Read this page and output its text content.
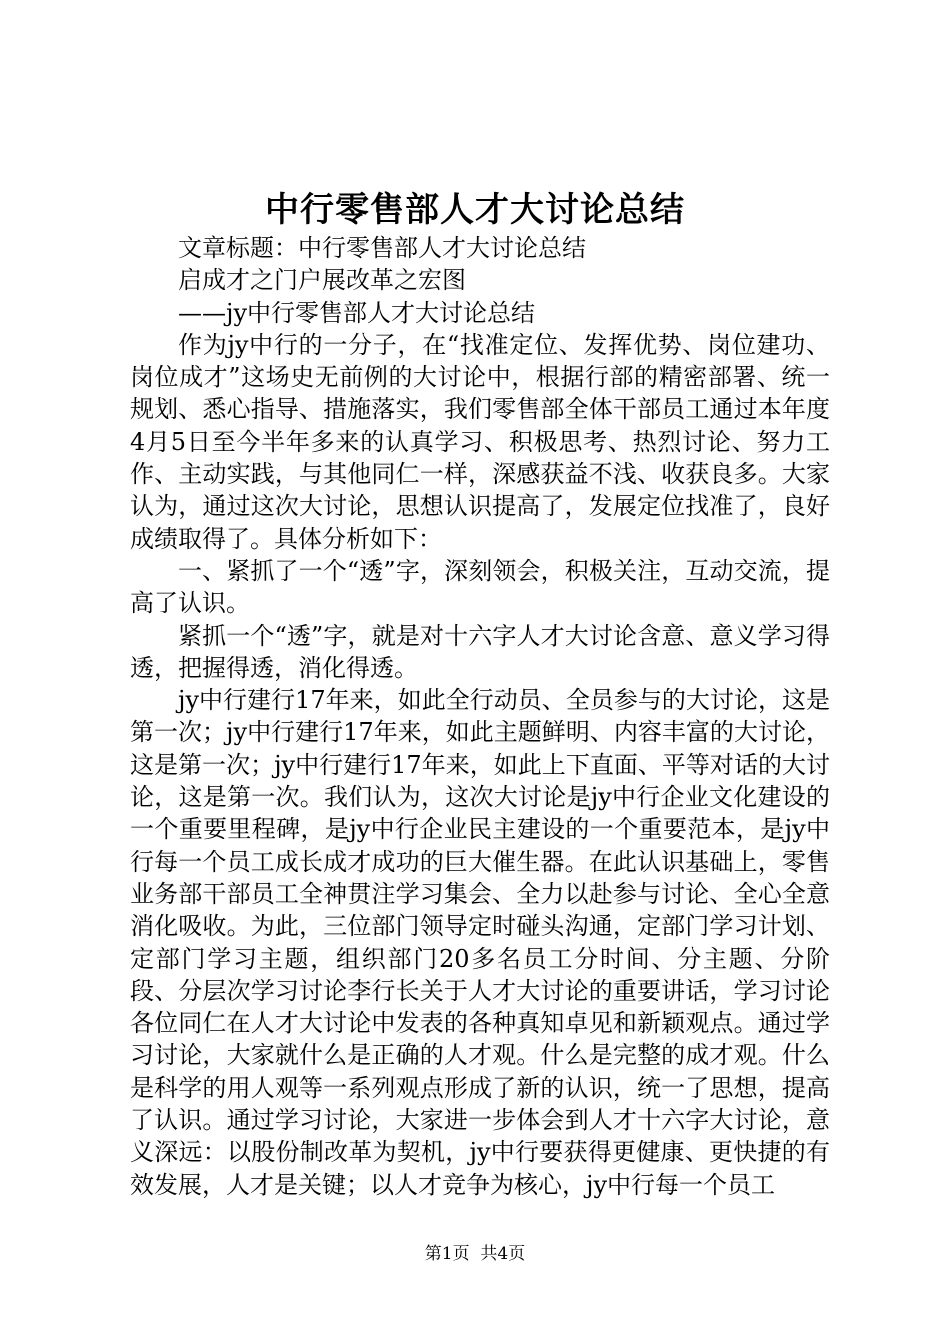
中行零售部人才大讨论总结

文章标题：中行零售部人才大讨论总结

启成才之门户展改革之宏图

——jy中行零售部人才大讨论总结

作为jy中行的一分子，在“找准定位、发挥优势、岗位建功、岗位成才”这场史无前例的大讨论中，根据行部的精密部署、统一规划、悉心指导、措施落实，我们零售部全体干部员工通过本年度4月5日至今半年多来的认真学习、积极思考、热烈讨论、努力工作、主动实践，与其他同仁一样，深感获益不浅、收获良多。大家认为，通过这次大讨论，思想认识提高了，发展定位找准了，良好成绩取得了。具体分析如下：

一、紧抓了一个“透”字，深刻领会，积极关注，互动交流，提高了认识。

紧抓一个“透”字，就是对十六字人才大讨论含意、意义学习得透，把握得透，消化得透。

jy中行建行17年来，如此全行动员、全员参与的大讨论，这是第一次；jy中行建行17年来，如此主题鲜明、内容丰富的大讨论，这是第一次；jy中行建行17年来，如此上下直面、平等对话的大讨论，这是第一次。我们认为，这次大讨论是jy中行企业文化建设的一个重要里程碑，是jy中行企业民主建设的一个重要范本，是jy中行每一个员工成长成才成功的巨大催生器。在此认识基础上，零售业务部干部员工全神贯注学习集会、全力以赴参与讨论、全心全意消化吸收。为此，三位部门领导定时碰头沟通，定部门学习计划、定部门学习主题，组织部门20多名员工分时间、分主题、分阶段、分层次学习讨论李行长关于人才大讨论的重要讲话，学习讨论各位同仁在人才大讨论中发表的各种真知卓见和新颖观点。通过学习讨论，大家就什么是正确的人才观。什么是完整的成才观。什么是科学的用人观等一系列观点形成了新的认识，统一了思想，提高了认识。通过学习讨论，大家进一步体会到人才十六字大讨论，意义深远：以股份制改革为契机，jy中行要获得更健康、更快捷的有效发展，人才是关键；以人才竞争为核心，jy中行每一个员工

第1页 共4页
